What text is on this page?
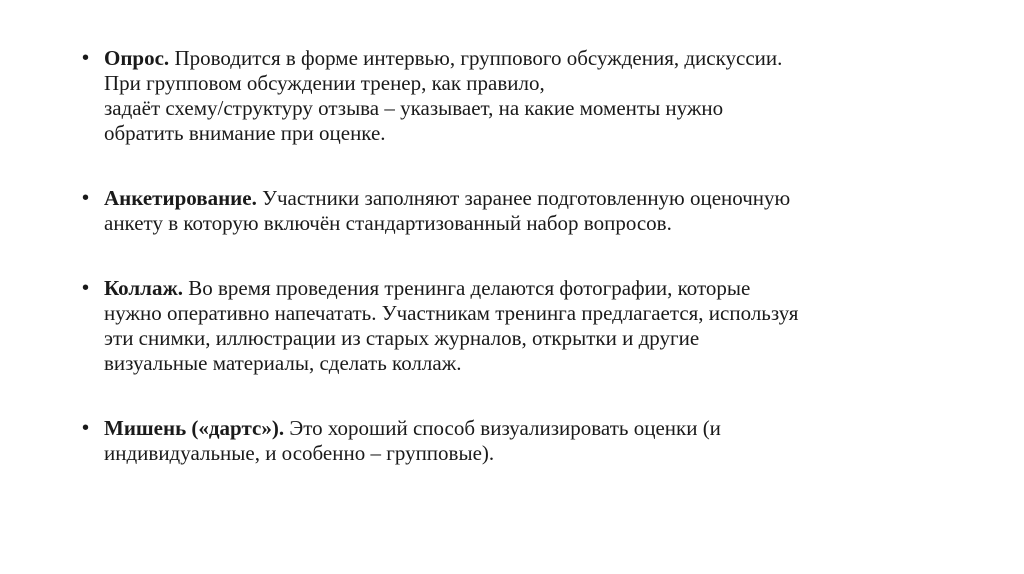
• Опрос. Проводится в форме интервью, группового обсуждения, дискуссии.
При групповом обсуждении тренер, как правило,
задаёт схему/структуру отзыва – указывает, на какие моменты нужно
обратить внимание при оценке.
• Анкетирование. Участники заполняют заранее подготовленную оценочную
анкету в которую включён стандартизованный набор вопросов.
• Коллаж. Во время проведения тренинга делаются фотографии, которые
нужно оперативно напечатать. Участникам тренинга предлагается, используя
эти снимки, иллюстрации из старых журналов, открытки и другие
визуальные материалы, сделать коллаж.
• Мишень («дартс»). Это хороший способ визуализировать оценки (и
индивидуальные, и особенно – групповые).
